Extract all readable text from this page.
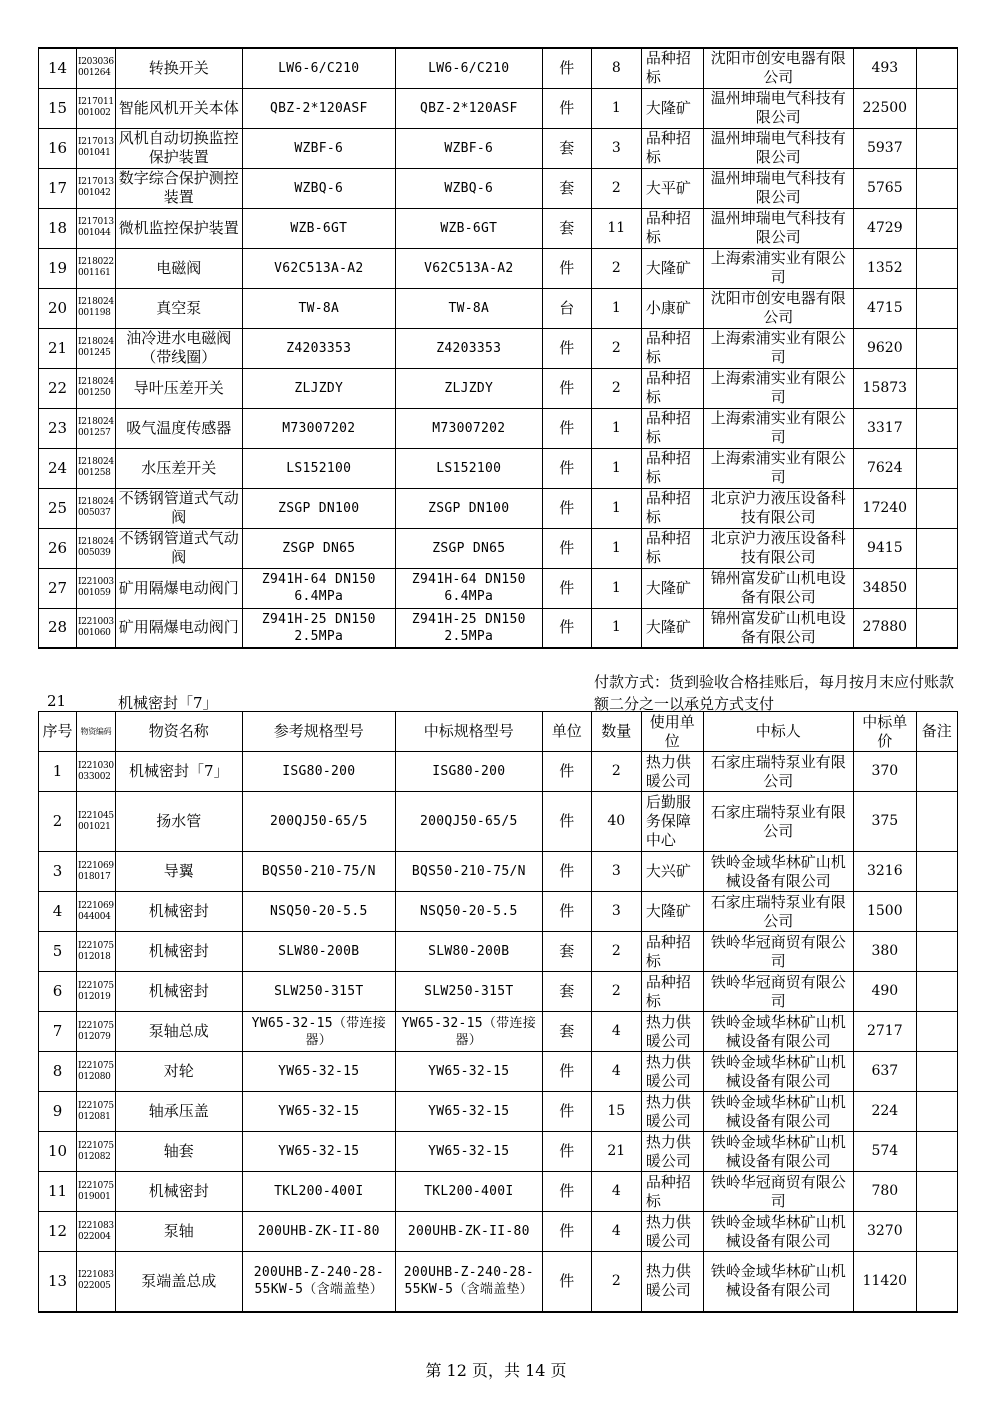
14	I203036 001264	转换开关	LW6-6/C210	LW6-6/C210	件	8	品种招标	沈阳市创安电器有限公司	493	
15	I217011 001002	智能风机开关本体	QBZ-2*120ASF	QBZ-2*120ASF	件	1	大隆矿	温州坤瑞电气科技有限公司	22500	
16	I217013 001041	风机自动切换监控保护装置	WZBF-6	WZBF-6	套	3	品种招标	温州坤瑞电气科技有限公司	5937	
17	I217013 001042	数字综合保护测控装置	WZBQ-6	WZBQ-6	套	2	大平矿	温州坤瑞电气科技有限公司	5765	
18	I217013 001044	微机监控保护装置	WZB-6GT	WZB-6GT	套	11	品种招标	温州坤瑞电气科技有限公司	4729	
19	I218022 001161	电磁阀	V62C513A-A2	V62C513A-A2	件	2	大隆矿	上海索浦实业有限公司	1352	
20	I218024 001198	真空泵	TW-8A	TW-8A	台	1	小康矿	沈阳市创安电器有限公司	4715	
21	I218024 001245	油冷进水电磁阀（带线圈）	Z4203353	Z4203353	件	2	品种招标	上海索浦实业有限公司	9620	
22	I218024 001250	导叶压差开关	ZLJZDY	ZLJZDY	件	2	品种招标	上海索浦实业有限公司	15873	
23	I218024 001257	吸气温度传感器	M73007202	M73007202	件	1	品种招标	上海索浦实业有限公司	3317	
24	I218024 001258	水压差开关	LS152100	LS152100	件	1	品种招标	上海索浦实业有限公司	7624	
25	I218024 005037	不锈钢管道式气动阀	ZSGP DN100	ZSGP DN100	件	1	品种招标	北京沪力液压设备科技有限公司	17240	
26	I218024 005039	不锈钢管道式气动阀	ZSGP DN65	ZSGP DN65	件	1	品种招标	北京沪力液压设备科技有限公司	9415	
27	I221003 001059	矿用隔爆电动阀门	Z941H-64 DN150 6.4MPa	Z941H-64 DN150 6.4MPa	件	1	大隆矿	锦州富发矿山机电设备有限公司	34850	
28	I221003 001060	矿用隔爆电动阀门	Z941H-25 DN150 2.5MPa	Z941H-25 DN150 2.5MPa	件	1	大隆矿	锦州富发矿山机电设备有限公司	27880	
21	机械密封「7」
付款方式：货到验收合格挂账后，每月按月末应付账款额二分之一以承兑方式支付
序号	物资编码	物资名称	参考规格型号	中标规格型号	单位	数量	使用单位	中标人	中标单价	备注
1	I221030 033002	机械密封「7」	ISG80-200	ISG80-200	件	2	热力供暖公司	石家庄瑞特泵业有限公司	370	
2	I221045 001021	扬水管	200QJ50-65/5	200QJ50-65/5	件	40	后勤服务保障中心	石家庄瑞特泵业有限公司	375	
3	I221069 018017	导翼	BQS50-210-75/N	BQS50-210-75/N	件	3	大兴矿	铁岭金域华林矿山机械设备有限公司	3216	
4	I221069 044004	机械密封	NSQ50-20-5.5	NSQ50-20-5.5	件	3	大隆矿	石家庄瑞特泵业有限公司	1500	
5	I221075 012018	机械密封	SLW80-200B	SLW80-200B	套	2	品种招标	铁岭华冠商贸有限公司	380	
6	I221075 012019	机械密封	SLW250-315T	SLW250-315T	套	2	品种招标	铁岭华冠商贸有限公司	490	
7	I221075 012079	泵轴总成	YW65-32-15（带连接器）	YW65-32-15（带连接器）	套	4	热力供暖公司	铁岭金域华林矿山机械设备有限公司	2717	
8	I221075 012080	对轮	YW65-32-15	YW65-32-15	件	4	热力供暖公司	铁岭金域华林矿山机械设备有限公司	637	
9	I221075 012081	轴承压盖	YW65-32-15	YW65-32-15	件	15	热力供暖公司	铁岭金域华林矿山机械设备有限公司	224	
10	I221075 012082	轴套	YW65-32-15	YW65-32-15	件	21	热力供暖公司	铁岭金域华林矿山机械设备有限公司	574	
11	I221075 019001	机械密封	TKL200-400I	TKL200-400I	件	4	品种招标	铁岭华冠商贸有限公司	780	
12	I221083 022004	泵轴	200UHB-ZK-II-80	200UHB-ZK-II-80	件	4	热力供暖公司	铁岭金域华林矿山机械设备有限公司	3270	
13	I221083 022005	泵端盖总成	200UHB-Z-240-28-55KW-5（含端盖垫）	200UHB-Z-240-28-55KW-5（含端盖垫）	件	2	热力供暖公司	铁岭金域华林矿山机械设备有限公司	11420	
第 12 页，共 14 页
